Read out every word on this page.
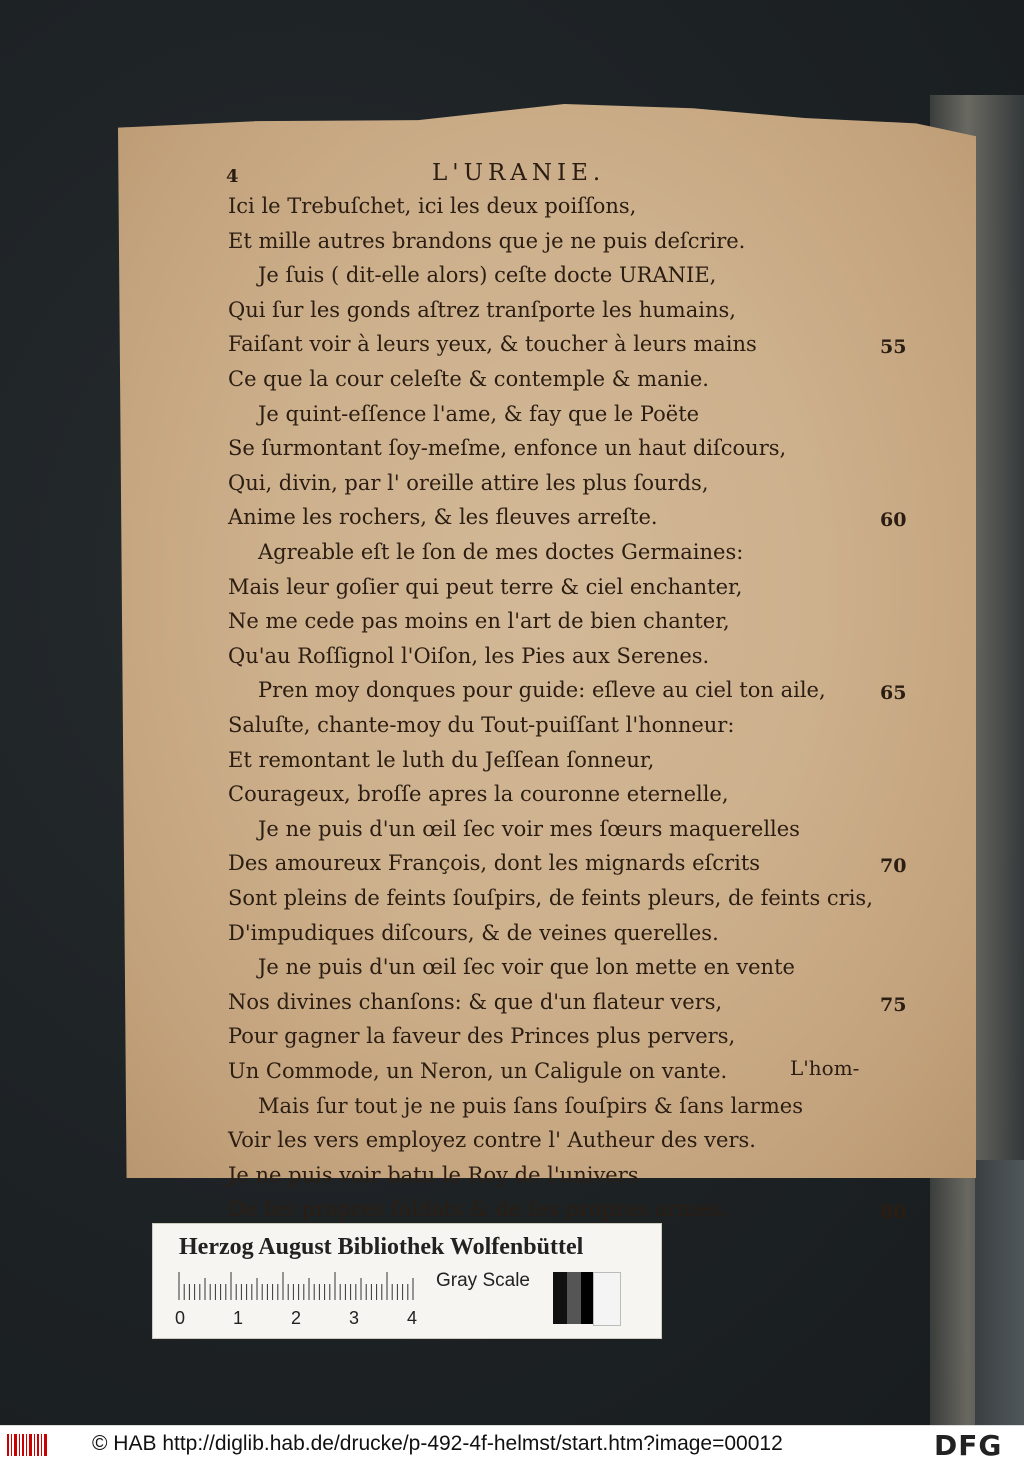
4	L'URANIE.
Ici le Trebuſchet, ici les deux poiſſons,
Et mille autres brandons que je ne puis deſcrire.
Je ſuis ( dit-elle alors) ceſte docte URANIE,
Qui ſur les gonds aſtrez tranſporte les humains,
Faiſant voir à leurs yeux, & toucher à leurs mains	55
Ce que la cour celeſte & contemple & manie.
Je quint-eſſence l'ame, & fay que le Poëte
Se ſurmontant ſoy-meſme, enfonce un haut diſcours,
Qui, divin, par l' oreille attire les plus ſourds,
Anime les rochers, & les fleuves arreſte.	60
Agreable eſt le ſon de mes doctes Germaines:
Mais leur goſier qui peut terre & ciel enchanter,
Ne me cede pas moins en l'art de bien chanter,
Qu'au Roſſignol l'Oiſon, les Pies aux Serenes.
Pren moy donques pour guide: eſleve au ciel ton aile,	65
Saluſte, chante-moy du Tout-puiſſant l'honneur:
Et remontant le luth du Jeſſean ſonneur,
Courageux, broſſe apres la couronne eternelle,
Je ne puis d'un œil ſec voir mes ſœurs maquerelles
Des amoureux François, dont les mignards eſcrits	70
Sont pleins de feints ſouſpirs, de feints pleurs, de feints cris,
D'impudiques diſcours, & de veines querelles.
Je ne puis d'un œil ſec voir que lon mette en vente
Nos divines chanſons: & que d'un flateur vers,	75
Pour gagner la faveur des Princes plus pervers,
Un Commode, un Neron, un Caligule on vante.
Mais ſur tout je ne puis ſans ſouſpirs & ſans larmes
Voir les vers employez contre l' Autheur des vers.
Je ne puis voir batu le Roy de l'univers
De ſes propres ſoldats & de ſes propres armes.	80
L'hom-
Herzog August Bibliothek Wolfenbüttel
0	1	2	3	4
Gray Scale
© HAB http://diglib.hab.de/drucke/p-492-4f-helmst/start.htm?image=00012	DFG
